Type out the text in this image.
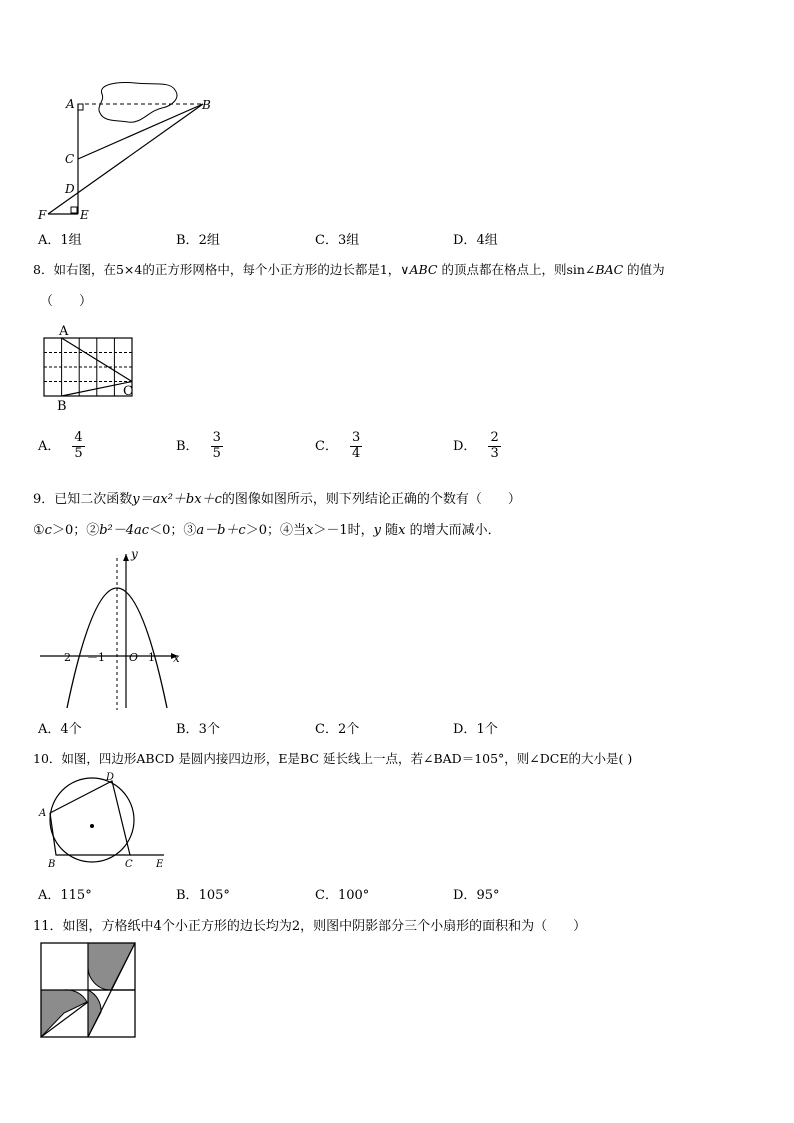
A	B
C
D
E
F
A．1组	B．2组	C．3组	D．4组
8．如右图，在5×4的正方形网格中，每个小正方形的边长都是1，∨ABC 的顶点都在格点上，则sin∠BAC 的值为
（　　）
A
B
C
A． $\frac{4}{5}$	B． $\frac{3}{5}$	C． $\frac{3}{4}$	D． $\frac{2}{3}$
9．已知二次函数y＝ax²＋bx＋c的图像如图所示，则下列结论正确的个数有（　　）
①c＞0；②b²－4ac＜0；③a－b＋c＞0；④当x＞－1时，y 随x 的增大而减小．
y
x
O
2 －1	1
A．4个	B．3个	C．2个	D．1个
10．如图，四边形ABCD 是圆内接四边形，E是BC 延长线上一点，若∠BAD＝105°，则∠DCE的大小是( )
A
B	C
D
E
A．115°	B．105°	C．100°	D．95°
11．如图，方格纸中4个小正方形的边长均为2，则图中阴影部分三个小扇形的面积和为（　　）
